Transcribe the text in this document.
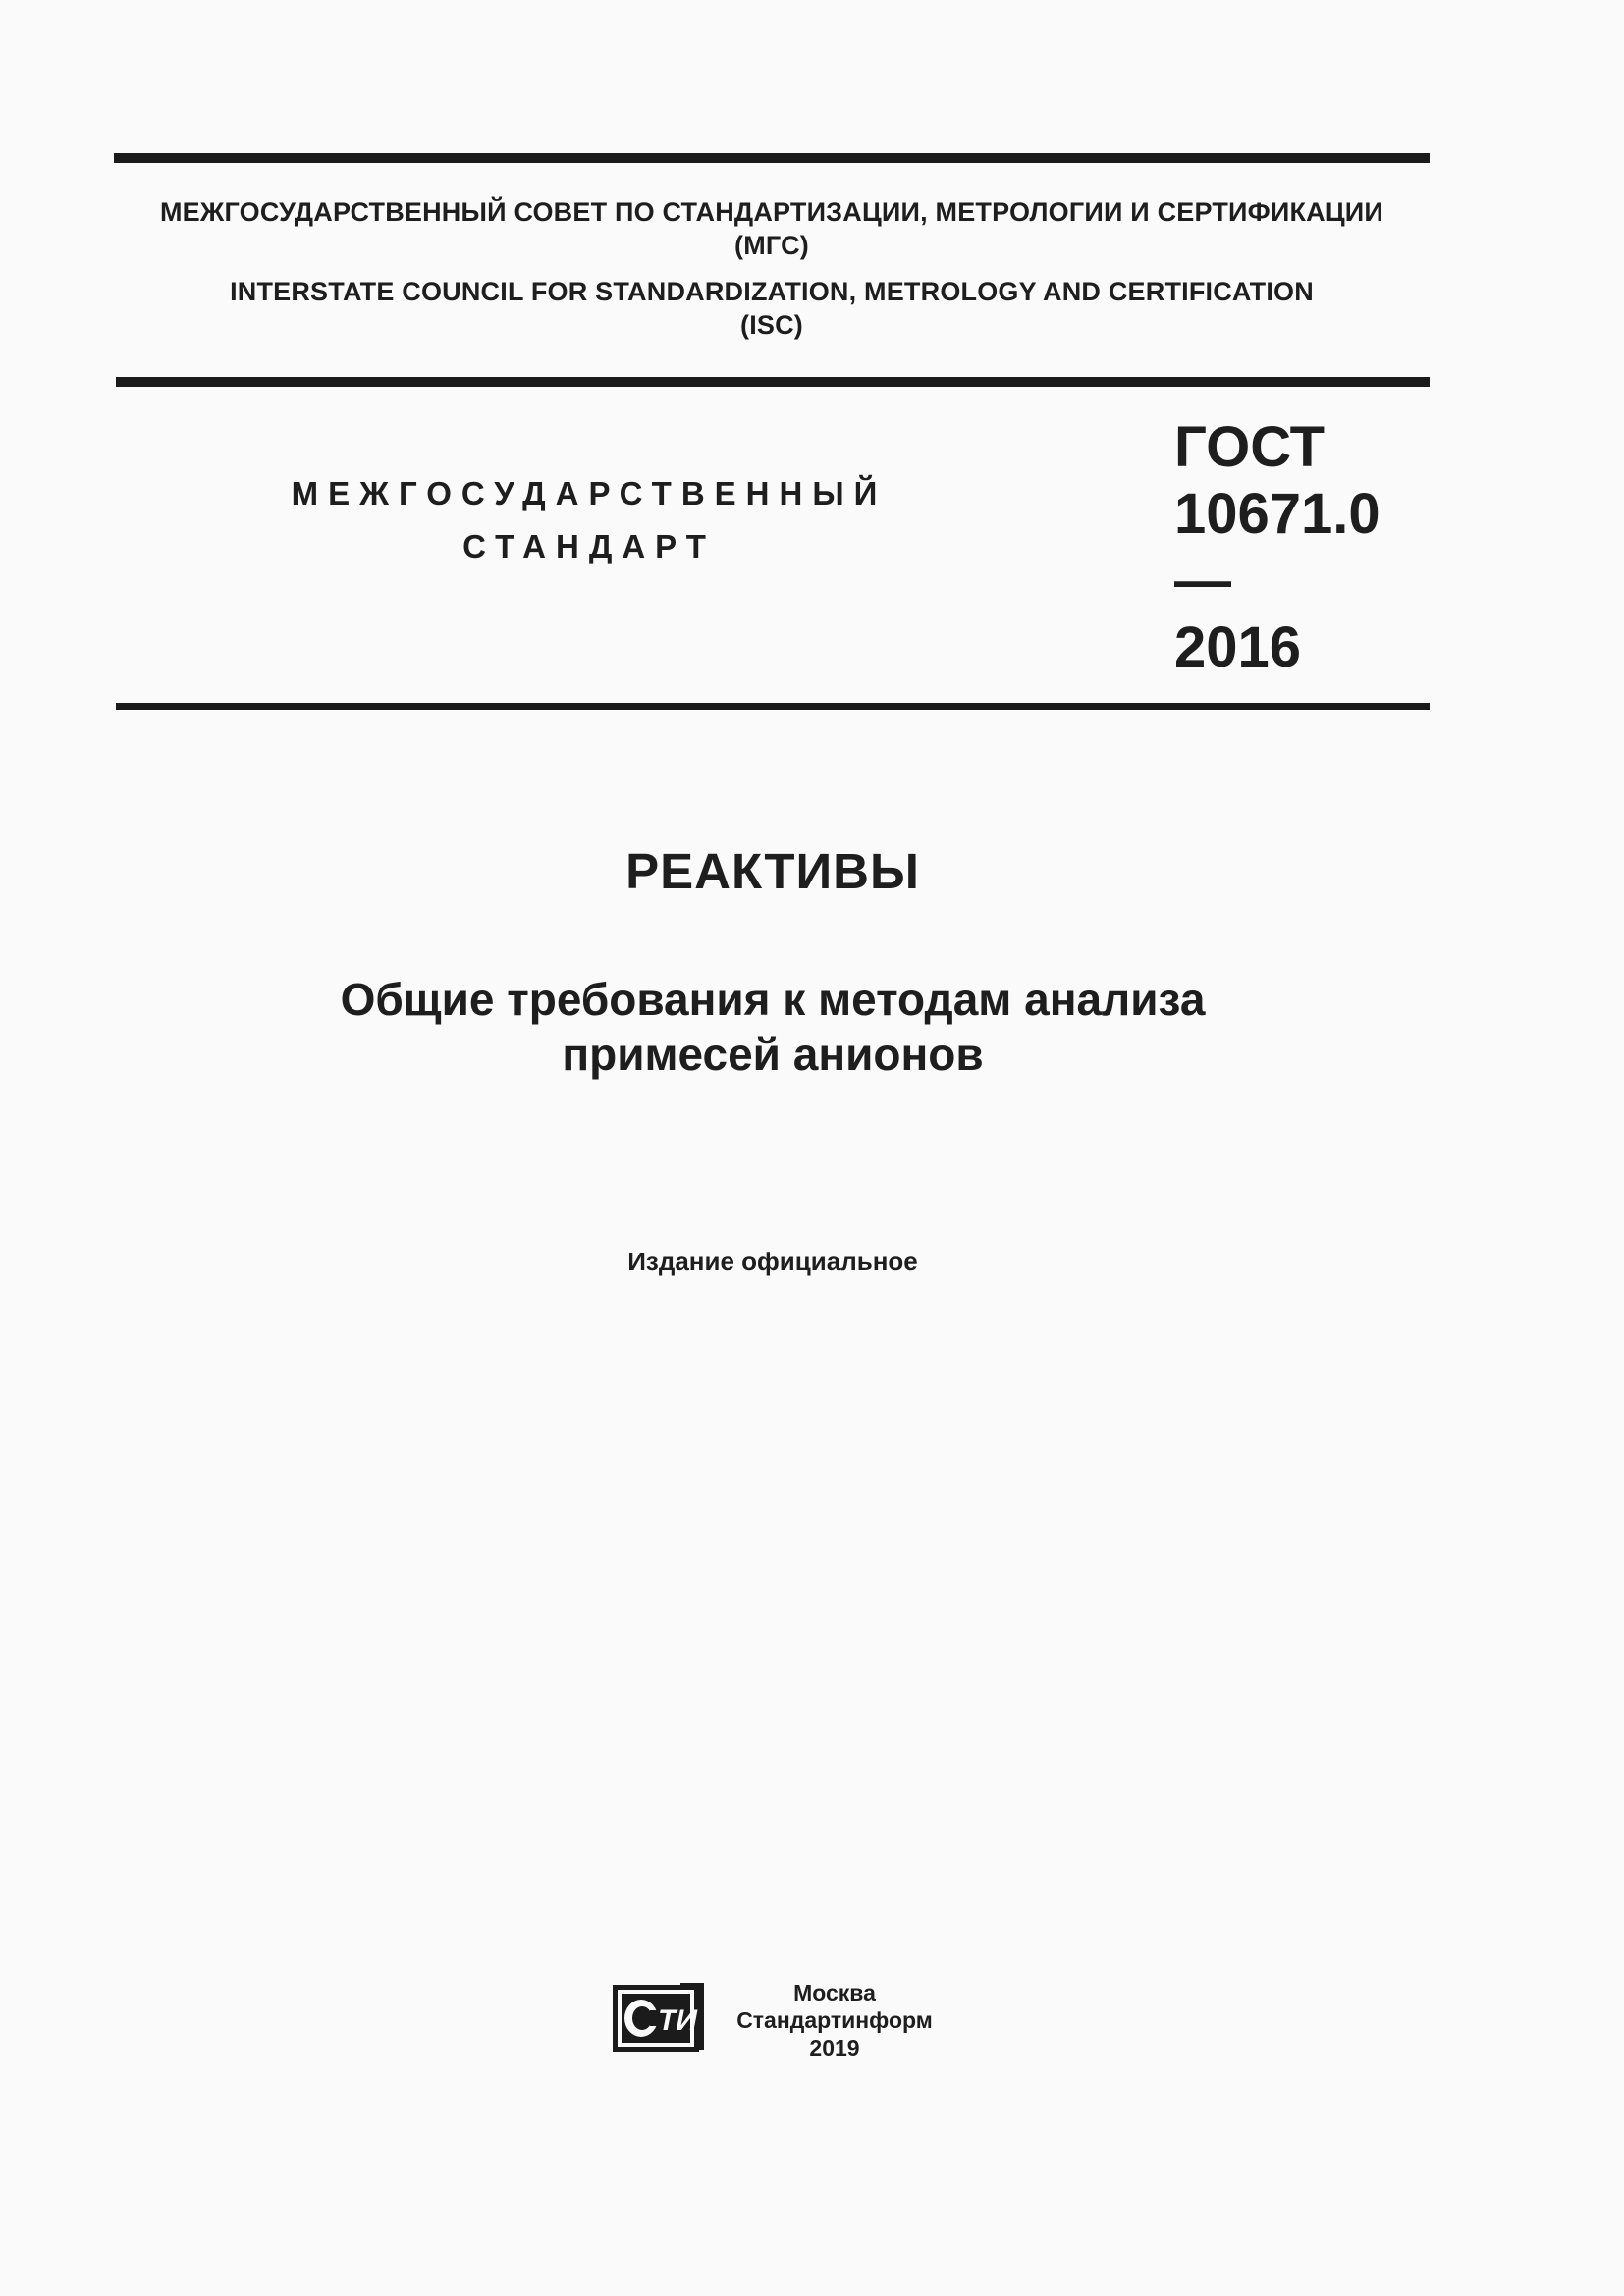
МЕЖГОСУДАРСТВЕННЫЙ СОВЕТ ПО СТАНДАРТИЗАЦИИ, МЕТРОЛОГИИ И СЕРТИФИКАЦИИ
(МГС)
INTERSTATE COUNCIL FOR STANDARDIZATION, METROLOGY AND CERTIFICATION
(ISC)
МЕЖГОСУДАРСТВЕННЫЙ
СТАНДАРТ
ГОСТ
10671.0—
2016
РЕАКТИВЫ
Общие требования к методам анализа
примесей анионов
Издание официальное
ТИ
Москва
Стандартинформ
2019
